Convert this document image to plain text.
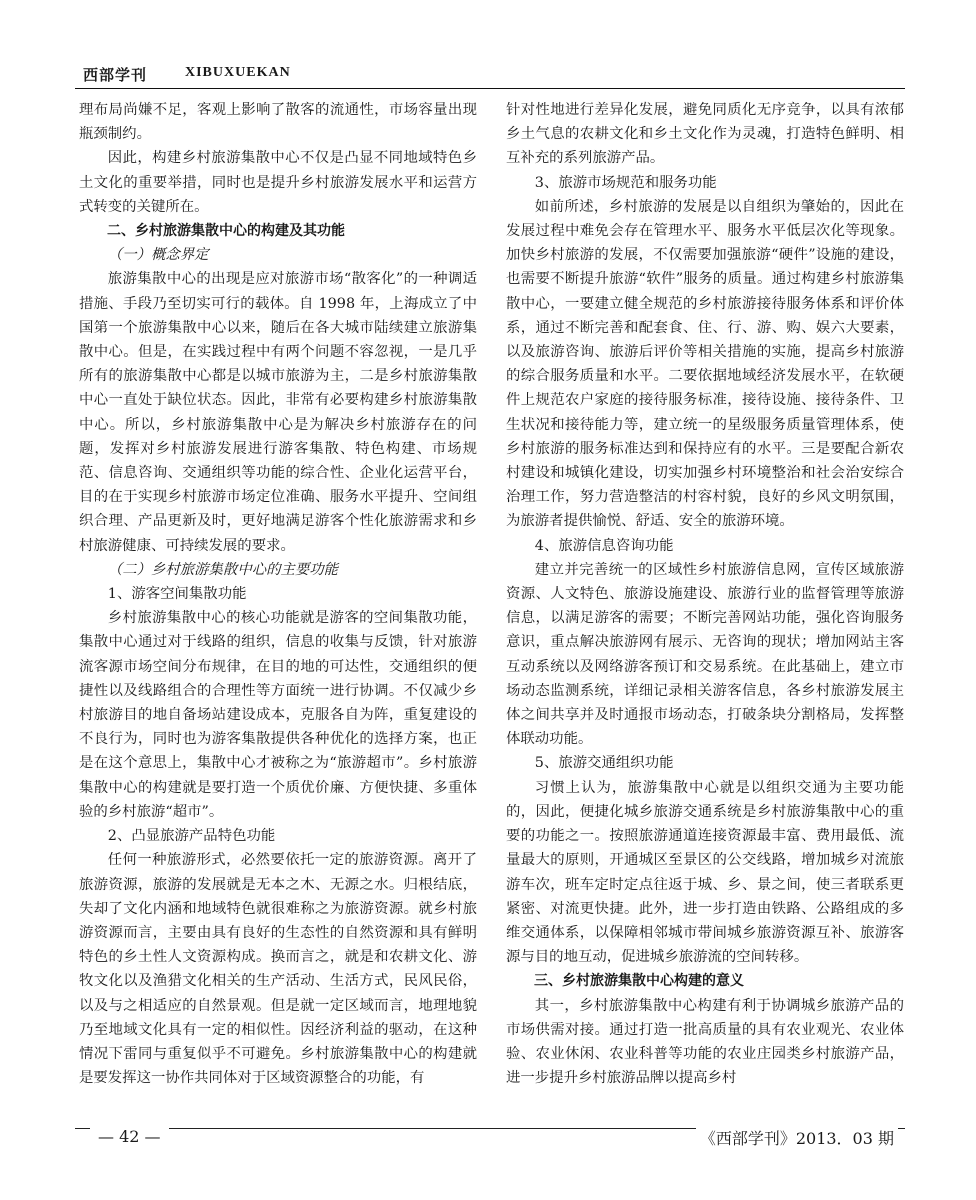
西部学刊	XIBUXUEKAN

理布局尚嫌不足，客观上影响了散客的流通性，市场容量出现瓶颈制约。

因此，构建乡村旅游集散中心不仅是凸显不同地域特色乡土文化的重要举措，同时也是提升乡村旅游发展水平和运营方式转变的关键所在。

二、乡村旅游集散中心的构建及其功能

（一）概念界定

旅游集散中心的出现是应对旅游市场“散客化”的一种调适措施、手段乃至切实可行的载体。自 1998 年，上海成立了中国第一个旅游集散中心以来，随后在各大城市陆续建立旅游集散中心。但是，在实践过程中有两个问题不容忽视，一是几乎所有的旅游集散中心都是以城市旅游为主，二是乡村旅游集散中心一直处于缺位状态。因此，非常有必要构建乡村旅游集散中心。所以，乡村旅游集散中心是为解决乡村旅游存在的问题，发挥对乡村旅游发展进行游客集散、特色构建、市场规范、信息咨询、交通组织等功能的综合性、企业化运营平台，目的在于实现乡村旅游市场定位准确、服务水平提升、空间组织合理、产品更新及时，更好地满足游客个性化旅游需求和乡村旅游健康、可持续发展的要求。

（二）乡村旅游集散中心的主要功能

1、游客空间集散功能

乡村旅游集散中心的核心功能就是游客的空间集散功能，集散中心通过对于线路的组织，信息的收集与反馈，针对旅游流客源市场空间分布规律，在目的地的可达性，交通组织的便捷性以及线路组合的合理性等方面统一进行协调。不仅减少乡村旅游目的地自备场站建设成本，克服各自为阵，重复建设的不良行为，同时也为游客集散提供各种优化的选择方案，也正是在这个意思上，集散中心才被称之为“旅游超市”。乡村旅游集散中心的构建就是要打造一个质优价廉、方便快捷、多重体验的乡村旅游“超市”。

2、凸显旅游产品特色功能

任何一种旅游形式，必然要依托一定的旅游资源。离开了旅游资源，旅游的发展就是无本之木、无源之水。归根结底，失却了文化内涵和地域特色就很难称之为旅游资源。就乡村旅游资源而言，主要由具有良好的生态性的自然资源和具有鲜明特色的乡土性人文资源构成。换而言之，就是和农耕文化、游牧文化以及渔猎文化相关的生产活动、生活方式，民风民俗，以及与之相适应的自然景观。但是就一定区域而言，地理地貌乃至地域文化具有一定的相似性。因经济利益的驱动，在这种情况下雷同与重复似乎不可避免。乡村旅游集散中心的构建就是要发挥这一协作共同体对于区域资源整合的功能，有

针对性地进行差异化发展，避免同质化无序竞争，以具有浓郁乡土气息的农耕文化和乡土文化作为灵魂，打造特色鲜明、相互补充的系列旅游产品。

3、旅游市场规范和服务功能

如前所述，乡村旅游的发展是以自组织为肇始的，因此在发展过程中难免会存在管理水平、服务水平低层次化等现象。加快乡村旅游的发展，不仅需要加强旅游“硬件”设施的建设，也需要不断提升旅游“软件”服务的质量。通过构建乡村旅游集散中心，一要建立健全规范的乡村旅游接待服务体系和评价体系，通过不断完善和配套食、住、行、游、购、娱六大要素，以及旅游咨询、旅游后评价等相关措施的实施，提高乡村旅游的综合服务质量和水平。二要依据地域经济发展水平，在软硬件上规范农户家庭的接待服务标准，接待设施、接待条件、卫生状况和接待能力等，建立统一的星级服务质量管理体系，使乡村旅游的服务标准达到和保持应有的水平。三是要配合新农村建设和城镇化建设，切实加强乡村环境整治和社会治安综合治理工作，努力营造整洁的村容村貌，良好的乡风文明氛围，为旅游者提供愉悦、舒适、安全的旅游环境。

4、旅游信息咨询功能

建立并完善统一的区域性乡村旅游信息网，宣传区域旅游资源、人文特色、旅游设施建设、旅游行业的监督管理等旅游信息，以满足游客的需要；不断完善网站功能，强化咨询服务意识，重点解决旅游网有展示、无咨询的现状；增加网站主客互动系统以及网络游客预订和交易系统。在此基础上，建立市场动态监测系统，详细记录相关游客信息，各乡村旅游发展主体之间共享并及时通报市场动态，打破条块分割格局，发挥整体联动功能。

5、旅游交通组织功能

习惯上认为，旅游集散中心就是以组织交通为主要功能的，因此，便捷化城乡旅游交通系统是乡村旅游集散中心的重要的功能之一。按照旅游通道连接资源最丰富、费用最低、流量最大的原则，开通城区至景区的公交线路，增加城乡对流旅游车次，班车定时定点往返于城、乡、景之间，使三者联系更紧密、对流更快捷。此外，进一步打造由铁路、公路组成的多维交通体系，以保障相邻城市带间城乡旅游资源互补、旅游客源与目的地互动，促进城乡旅游流的空间转移。

三、乡村旅游集散中心构建的意义

其一，乡村旅游集散中心构建有利于协调城乡旅游产品的市场供需对接。通过打造一批高质量的具有农业观光、农业体验、农业休闲、农业科普等功能的农业庄园类乡村旅游产品，进一步提升乡村旅游品牌以提高乡村

— 42 —	《西部学刊》2013．03 期
